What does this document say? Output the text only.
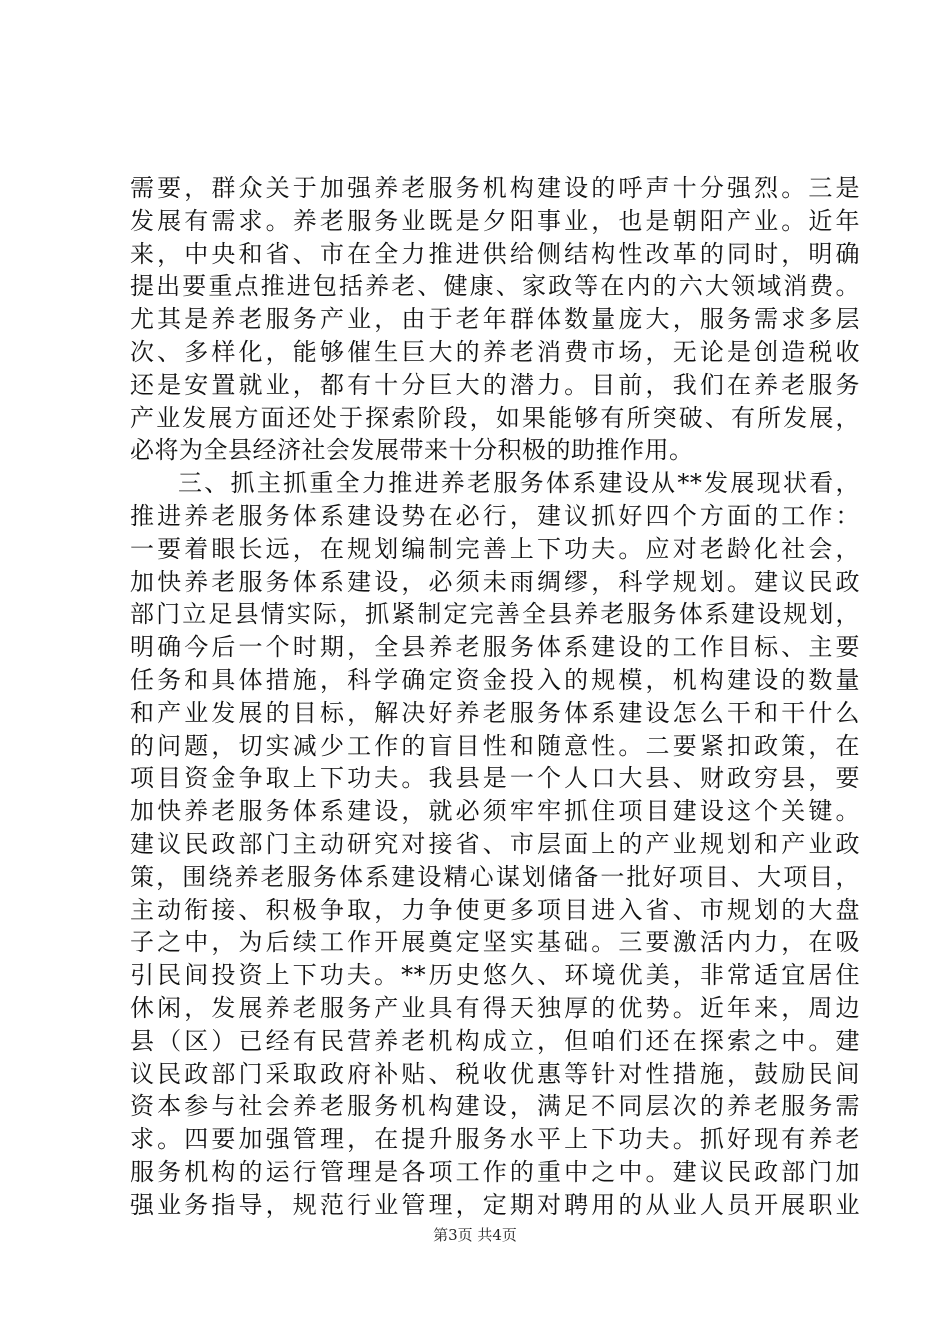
需要，群众关于加强养老服务机构建设的呼声十分强烈。三是
发展有需求。养老服务业既是夕阳事业，也是朝阳产业。近年
来，中央和省、市在全力推进供给侧结构性改革的同时，明确
提出要重点推进包括养老、健康、家政等在内的六大领域消费。
尤其是养老服务产业，由于老年群体数量庞大，服务需求多层
次、多样化，能够催生巨大的养老消费市场，无论是创造税收
还是安置就业，都有十分巨大的潜力。目前，我们在养老服务
产业发展方面还处于探索阶段，如果能够有所突破、有所发展，
必将为全县经济社会发展带来十分积极的助推作用。
三、抓主抓重全力推进养老服务体系建设从**发展现状看，
推进养老服务体系建设势在必行，建议抓好四个方面的工作：
一要着眼长远，在规划编制完善上下功夫。应对老龄化社会，
加快养老服务体系建设，必须未雨绸缪，科学规划。建议民政
部门立足县情实际，抓紧制定完善全县养老服务体系建设规划，
明确今后一个时期，全县养老服务体系建设的工作目标、主要
任务和具体措施，科学确定资金投入的规模，机构建设的数量
和产业发展的目标，解决好养老服务体系建设怎么干和干什么
的问题，切实减少工作的盲目性和随意性。二要紧扣政策，在
项目资金争取上下功夫。我县是一个人口大县、财政穷县，要
加快养老服务体系建设，就必须牢牢抓住项目建设这个关键。
建议民政部门主动研究对接省、市层面上的产业规划和产业政
策，围绕养老服务体系建设精心谋划储备一批好项目、大项目，
主动衔接、积极争取，力争使更多项目进入省、市规划的大盘
子之中，为后续工作开展奠定坚实基础。三要激活内力，在吸
引民间投资上下功夫。**历史悠久、环境优美，非常适宜居住
休闲，发展养老服务产业具有得天独厚的优势。近年来，周边
县（区）已经有民营养老机构成立，但咱们还在探索之中。建
议民政部门采取政府补贴、税收优惠等针对性措施，鼓励民间
资本参与社会养老服务机构建设，满足不同层次的养老服务需
求。四要加强管理，在提升服务水平上下功夫。抓好现有养老
服务机构的运行管理是各项工作的重中之中。建议民政部门加
强业务指导，规范行业管理，定期对聘用的从业人员开展职业
第3页 共4页
